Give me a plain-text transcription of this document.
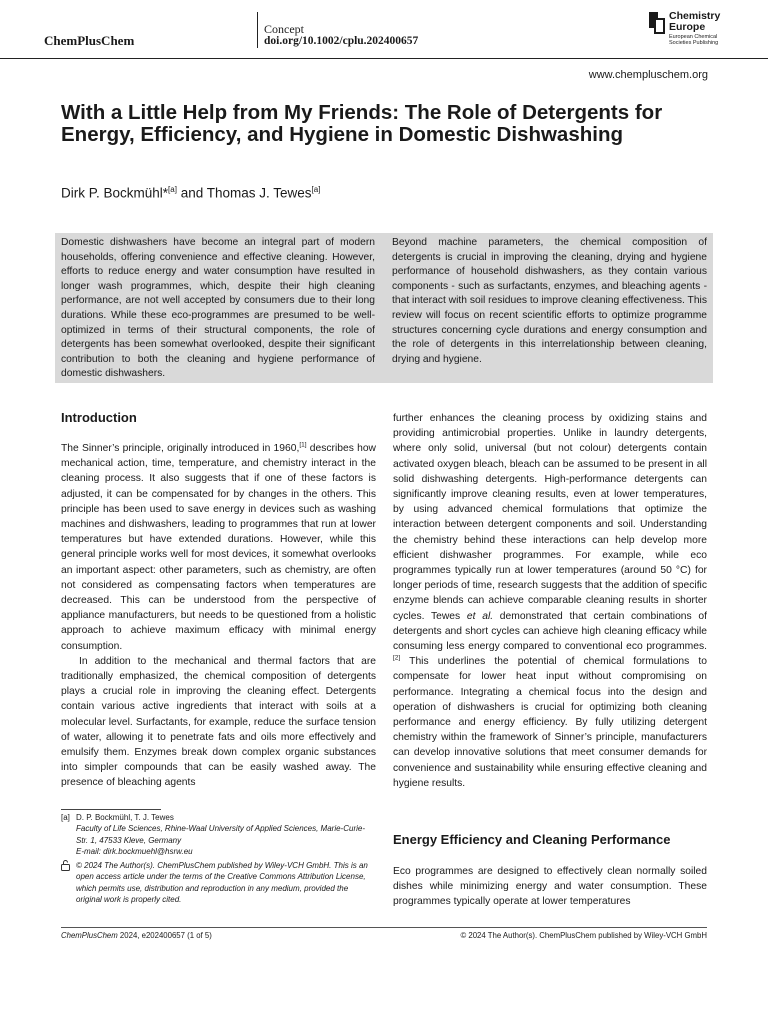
ChemPlusChem
Concept
doi.org/10.1002/cplu.202400657
Chemistry
Europe
European Chemical
Societies Publishing
www.chempluschem.org
With a Little Help from My Friends: The Role of Detergents for Energy, Efficiency, and Hygiene in Domestic Dishwashing
Dirk P. Bockmühl*[a] and Thomas J. Tewes[a]

Domestic dishwashers have become an integral part of modern households, offering convenience and effective cleaning. However, efforts to reduce energy and water consumption have resulted in longer wash programmes, which, despite their high cleaning performance, are not well accepted by consumers due to their long durations. While these eco-programmes are presumed to be well-optimized in terms of their structural components, the role of detergents has been somewhat overlooked, despite their significant contribution to both the cleaning and hygiene performance of domestic dishwashers.

Beyond machine parameters, the chemical composition of detergents is crucial in improving the cleaning, drying and hygiene performance of household dishwashers, as they contain various components - such as surfactants, enzymes, and bleaching agents - that interact with soil residues to improve cleaning effectiveness. This review will focus on recent scientific efforts to optimize programme structures concerning cycle durations and energy consumption and the role of detergents in this interrelationship between cleaning, drying and hygiene.

Introduction

The Sinner’s principle, originally introduced in 1960,[1] describes how mechanical action, time, temperature, and chemistry interact in the cleaning process. It also suggests that if one of these factors is adjusted, it can be compensated for by changes in the others. This principle has been used to save energy in devices such as washing machines and dishwashers, leading to programmes that run at lower temperatures but have extended durations. However, while this general principle works well for most devices, it somewhat overlooks an important aspect: other parameters, such as chemistry, are often not considered as compensating factors when temperatures are decreased. This can be understood from the perspective of appliance manufacturers, but needs to be questioned from a holistic approach to achieve maximum efficacy with minimal energy consumption.

In addition to the mechanical and thermal factors that are traditionally emphasized, the chemical composition of detergents plays a crucial role in improving the cleaning effect. Detergents contain various active ingredients that interact with soils at a molecular level. Surfactants, for example, reduce the surface tension of water, allowing it to penetrate fats and oils more effectively and emulsify them. Enzymes break down complex organic substances into simpler compounds that can be easily washed away. The presence of bleaching agents

further enhances the cleaning process by oxidizing stains and providing antimicrobial properties. Unlike in laundry detergents, where only solid, universal (but not colour) detergents contain activated oxygen bleach, bleach can be assumed to be present in all solid dishwashing detergents. High-performance detergents can significantly improve cleaning results, even at lower temperatures, by using advanced chemical formulations that optimize the interaction between detergent components and soil. Understanding the chemistry behind these interactions can help develop more efficient dishwasher programmes. For example, while eco programmes typically run at lower temperatures (around 50 °C) for longer periods of time, research suggests that the addition of specific enzyme blends can achieve comparable cleaning results in shorter cycles. Tewes et al. demonstrated that certain combinations of detergents and short cycles can achieve high cleaning efficacy while consuming less energy compared to conventional eco programmes.[2] This underlines the potential of chemical formulations to compensate for lower heat input without compromising on performance. Integrating a chemical focus into the design and operation of dishwashers is crucial for optimizing both cleaning performance and energy efficiency. By fully utilizing detergent chemistry within the framework of Sinner’s principle, manufacturers can develop innovative solutions that meet consumer demands for convenience and sustainability while ensuring effective cleaning and hygiene results.

Energy Efficiency and Cleaning Performance

Eco programmes are designed to effectively clean normally soiled dishes while minimizing energy and water consumption. These programmes typically operate at lower temperatures

[a] D. P. Bockmühl, T. J. Tewes
Faculty of Life Sciences, Rhine-Waal University of Applied Sciences, Marie-Curie-Str. 1, 47533 Kleve, Germany
E-mail: dirk.bockmuehl@hsrw.eu
© 2024 The Author(s). ChemPlusChem published by Wiley-VCH GmbH. This is an open access article under the terms of the Creative Commons Attribution License, which permits use, distribution and reproduction in any medium, provided the original work is properly cited.
ChemPlusChem 2024, e202400657 (1 of 5)	© 2024 The Author(s). ChemPlusChem published by Wiley-VCH GmbH
